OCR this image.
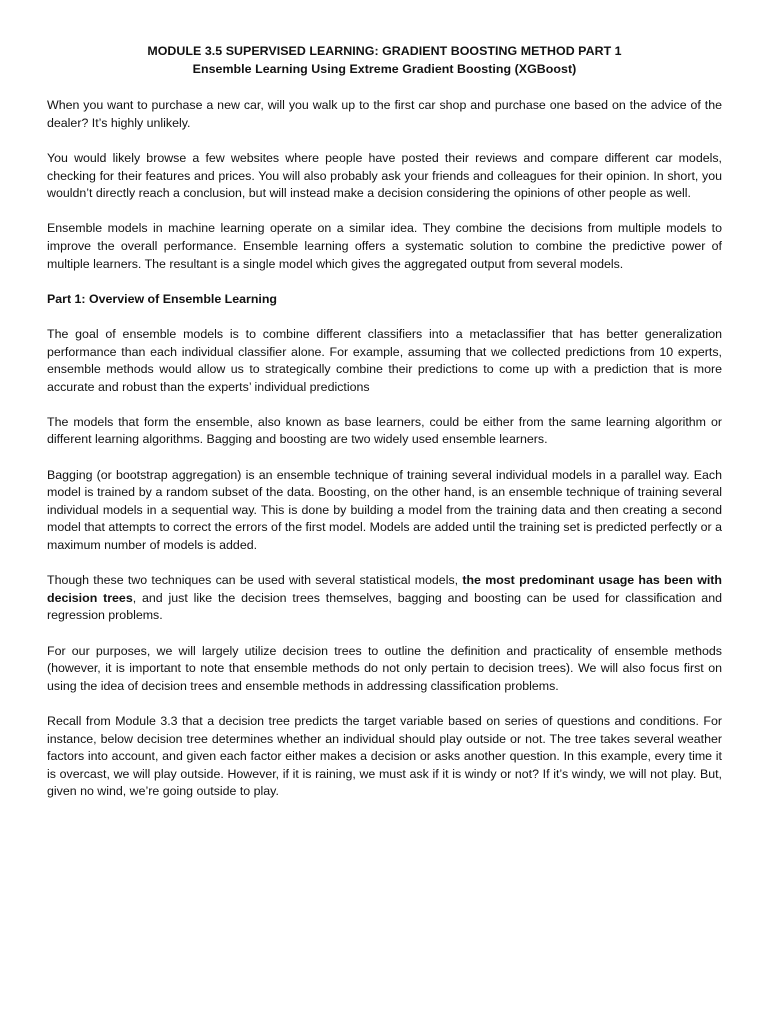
MODULE 3.5 SUPERVISED LEARNING: GRADIENT BOOSTING METHOD PART 1
Ensemble Learning Using Extreme Gradient Boosting (XGBoost)

When you want to purchase a new car, will you walk up to the first car shop and purchase one based on the advice of the dealer? It’s highly unlikely.

You would likely browse a few websites where people have posted their reviews and compare different car models, checking for their features and prices. You will also probably ask your friends and colleagues for their opinion. In short, you wouldn’t directly reach a conclusion, but will instead make a decision considering the opinions of other people as well.

Ensemble models in machine learning operate on a similar idea. They combine the decisions from multiple models to improve the overall performance. Ensemble learning offers a systematic solution to combine the predictive power of multiple learners. The resultant is a single model which gives the aggregated output from several models.

Part 1: Overview of Ensemble Learning

The goal of ensemble models is to combine different classifiers into a metaclassifier that has better generalization performance than each individual classifier alone. For example, assuming that we collected predictions from 10 experts, ensemble methods would allow us to strategically combine their predictions to come up with a prediction that is more accurate and robust than the experts’ individual predictions

The models that form the ensemble, also known as base learners, could be either from the same learning algorithm or different learning algorithms. Bagging and boosting are two widely used ensemble learners.

Bagging (or bootstrap aggregation) is an ensemble technique of training several individual models in a parallel way. Each model is trained by a random subset of the data. Boosting, on the other hand, is an ensemble technique of training several individual models in a sequential way. This is done by building a model from the training data and then creating a second model that attempts to correct the errors of the first model. Models are added until the training set is predicted perfectly or a maximum number of models is added.

Though these two techniques can be used with several statistical models, the most predominant usage has been with decision trees, and just like the decision trees themselves, bagging and boosting can be used for classification and regression problems.

For our purposes, we will largely utilize decision trees to outline the definition and practicality of ensemble methods (however, it is important to note that ensemble methods do not only pertain to decision trees). We will also focus first on using the idea of decision trees and ensemble methods in addressing classification problems.

Recall from Module 3.3 that a decision tree predicts the target variable based on series of questions and conditions. For instance, below decision tree determines whether an individual should play outside or not. The tree takes several weather factors into account, and given each factor either makes a decision or asks another question. In this example, every time it is overcast, we will play outside. However, if it is raining, we must ask if it is windy or not? If it’s windy, we will not play. But, given no wind, we’re going outside to play.
